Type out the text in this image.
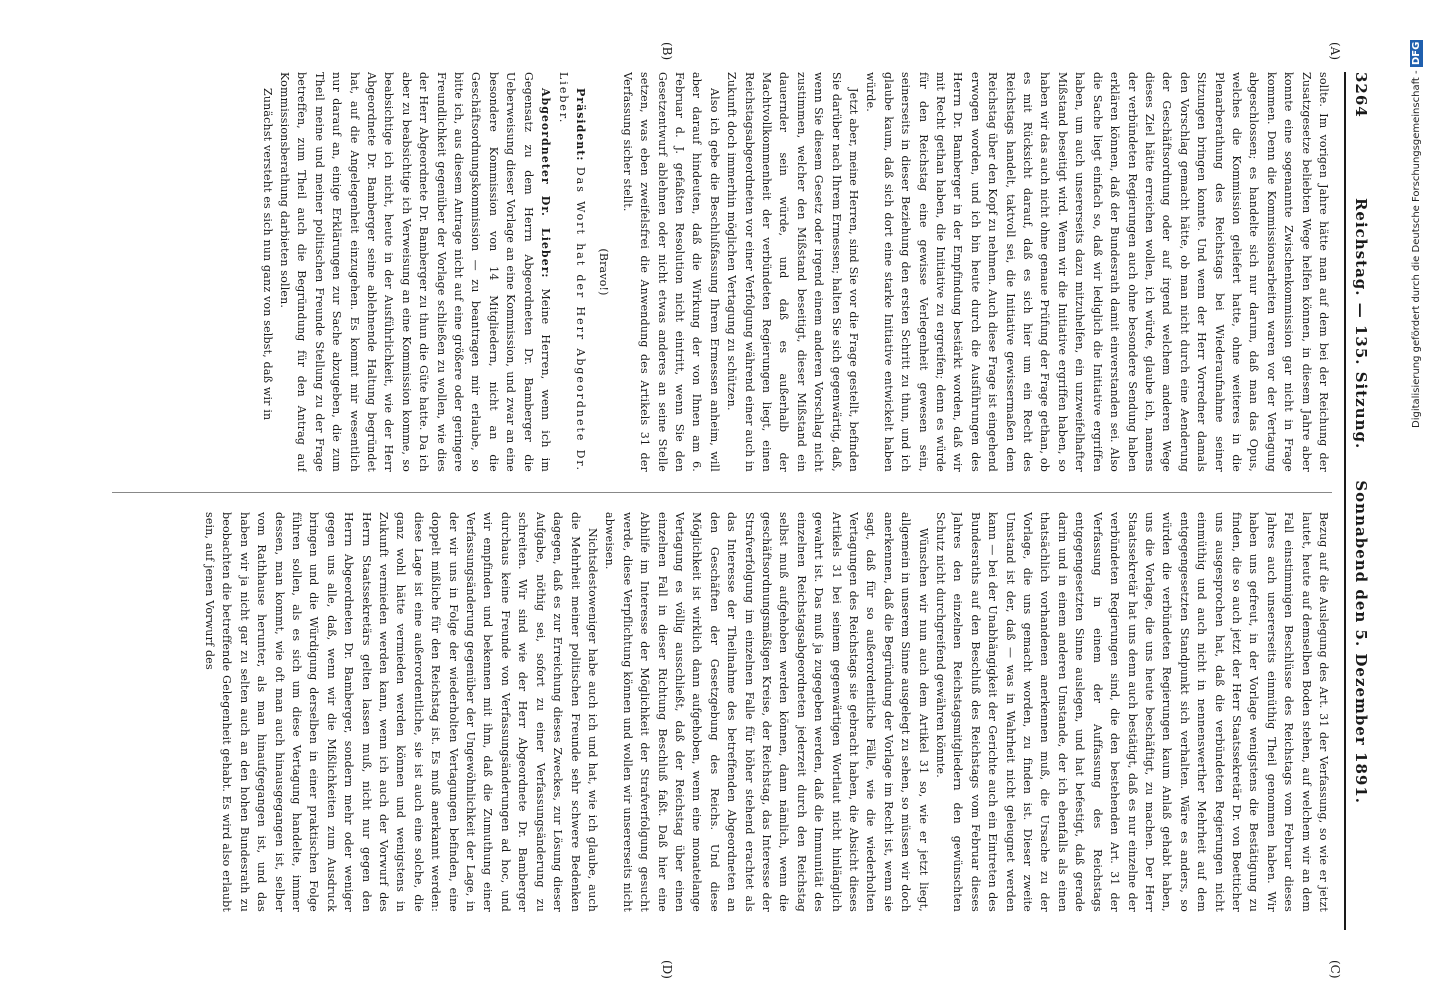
3264
Reichstag. — 135. Sitzung.     Sonnabend den 5. Dezember 1891.
(A)
(B)
(C)
(D)

sollte. Im vorigen Jahre hätte man auf dem bei der Reichung der Zusatzgesetze beliebten Wege helfen können, in diesem Jahre aber konnte eine sogenannte Zwischenkommission gar nicht in Frage kommen. Denn die Kommissionsarbeiten waren vor der Vertagung abgeschlossen; es handelte sich nur darum, daß man das Opus, welches die Kommission geliefert hatte, ohne weiteres in die Plenarberathung des Reichstags bei Wiederaufnahme seiner Sitzungen bringen konnte. Und wenn der Herr Vorredner damals den Vorschlag gemacht hätte, ob man nicht durch eine Aenderung der Geschäftsordnung oder auf irgend welchem anderen Wege dieses Ziel hätte erreichen wollen, ich würde, glaube ich, namens der verbündeten Regierungen auch ohne besondere Sendung haben erklären können, daß der Bundesrath damit einverstanden sei. Also die Sache liegt einfach so, daß wir lediglich die Initiative ergriffen haben, um auch unsererseits dazu mitzuhelfen, ein unzweifelhafter Mißstand beseitigt wird. Wenn wir die Initiative ergriffen haben, so haben wir das auch nicht ohne genaue Prüfung der Frage gethan, ob es mit Rücksicht darauf, daß es sich hier um ein Recht des Reichstags handelt, taktvoll sei, die Initiative gewissermaßen dem Reichstag über den Kopf zu nehmen. Auch diese Frage ist eingehend erwogen worden, und ich bin heute durch die Ausführungen des Herrn Dr. Bamberger in der Empfindung bestärkt worden, daß wir mit Recht gethan haben, die Initiative zu ergreifen; denn es würde für den Reichstag eine gewisse Verlegenheit gewesen sein, seinerseits in dieser Beziehung den ersten Schritt zu thun, und ich glaube kaum, daß sich dort eine starke Initiative entwickelt haben würde.

Jetzt aber, meine Herren, sind Sie vor die Frage gestellt, befinden Sie darüber nach Ihrem Ermessen; halten Sie sich gegenwärtig, daß, wenn Sie diesem Gesetz oder irgend einem anderen Vorschlag nicht zustimmen, welcher den Mißstand beseitigt, dieser Mißstand ein dauernder sein würde, und daß es außerhalb der Machtvollkommenheit der verbündeten Regierungen liegt, einen Reichstagsabgeordneten vor einer Verfolgung während einer auch in Zukunft doch immerhin möglichen Vertagung zu schützen.

Also ich gebe die Beschlußfassung Ihrem Ermessen anheim, will aber darauf hindeuten, daß die Wirkung der von Ihnen am 6. Februar d. J. gefaßten Resolution nicht eintritt, wenn Sie den Gesetzentwurf ablehnen oder nicht etwas anderes an seine Stelle setzen, was eben zweifelsfrei die Anwendung des Artikels 31 der Verfassung sicher stellt.

(Bravo!)

Präsident: Das Wort hat der Herr Abgeordnete Dr. Lieber.

Abgeordneter Dr. Lieber: Meine Herren, wenn ich im Gegensatz zu dem Herrn Abgeordneten Dr. Bamberger die Ueberweisung dieser Vorlage an eine Kommission, und zwar an eine besondere Kommission von 14 Mitgliedern, nicht an die Geschäftsordnungskommission — zu beantragen mir erlaube, so bitte ich, aus diesem Antrage nicht auf eine größere oder geringere Freundlichkeit gegenüber der Vorlage schließen zu wollen, wie dies der Herr Abgeordnete Dr. Bamberger zu thun die Güte hatte. Da ich aber zu beabsichtige ich Verweisung an eine Kommission komme, so beabsichtige ich nicht, heute in der Ausführlichkeit, wie der Herr Abgeordnete Dr. Bamberger seine ablehnende Haltung begründet hat, auf die Angelegenheit einzugehen. Es kommt mir wesentlich nur darauf an, einige Erklärungen zur Sache abzugeben, die zum Theil meine und meiner politischen Freunde Stellung zu der Frage betreffen, zum Theil auch die Begründung für den Antrag auf Kommissionsberathung darbieten sollen.

Zunächst versteht es sich nun ganz von selbst, daß wir in

Bezug auf die Auslegung des Art. 31 der Verfassung, so wie er jetzt lautet, heute auf demselben Boden stehen, auf welchem wir an dem Fall einstimmigen Beschlüsse des Reichstags vom Februar dieses Jahres auch unsererseits einmüthig Theil genommen haben. Wir haben uns gefreut, in der Vorlage wenigstens die Bestätigung zu finden, die so auch jetzt der Herr Staatssekretär Dr. von Boetticher uns ausgesprochen hat, daß die verbündeten Regierungen nicht einmüthig und auch nicht in nennenswerther Mehrheit auf dem entgegengesetzten Standpunkt sich verhalten. Wäre es anders, so würden die verbündeten Regierungen kaum Anlaß gehabt haben, uns die Vorlage, die uns heute beschäftigt, zu machen. Der Herr Staatssekretär hat uns denn auch bestätigt, daß es nur einzelne der verbündeten Regierungen sind, die den bestehenden Art. 31 der Verfassung in einem der Auffassung des Reichstags entgegengesetzten Sinne auslegen, und hat befestigt, daß gerade darin und in einem anderen Umstande, der ich ebenfalls als einen thatsächlich vorhandenen anerkennen muß, die Ursache zu der Vorlage, die uns gemacht worden, zu finden ist. Dieser zweite Umstand ist der, daß — was in Wahrheit nicht geleugnet werden kann — bei der Unabhängigkeit der Gerichte auch ein Eintreten des Bundesraths auf den Beschluß des Reichstags vom Februar dieses Jahres den einzelnen Reichstagsmitgliedern den gewünschten Schutz nicht durchgreifend gewähren könnte.

Wünschen wir nun auch dem Artikel 31 so, wie er jetzt liegt, allgemein in unserem Sinne ausgelegt zu sehen, so müssen wir doch anerkennen, daß die Begründung der Vorlage im Recht ist, wenn sie sagt, daß für so außerordentliche Fälle, wie die wiederholten Vertagungen des Reichstags sie gebracht haben, die Absicht dieses Artikels 31 bei seinem gegenwärtigen Wortlaut nicht hinlänglich gewahrt ist. Das muß ja zugegeben werden, daß die Immunität des einzelnen Reichstagsabgeordneten jederzeit durch den Reichstag selbst muß aufgehoben werden können, dann nämlich, wenn die geschäftsordnungsmäßigen Kreise, der Reichstag, das Interesse der Strafverfolgung im einzelnen Falle für höher stehend erachtet als das Interesse der Theilnahme des betreffenden Abgeordneten an den Geschäften der Gesetzgebung des Reichs. Und diese Möglichkeit ist wirklich dann aufgehoben, wenn eine monatelange Vertagung es völlig ausschließt, daß der Reichstag über einen einzelnen Fall in dieser Richtung Beschluß faßt. Daß hier eine Abhilfe im Interesse der Möglichkeit der Strafverfolgung gesucht werde, diese Verpflichtung können und wollen wir unsererseits nicht abweisen.

Nichtsdestoweniger habe auch ich und hat, wie ich glaube, auch die Mehrheit meiner politischen Freunde sehr schwere Bedenken dagegen, daß es zur Erreichung dieses Zweckes, zur Lösung dieser Aufgabe, nöthig sei, sofort zu einer Verfassungsänderung zu schreiten. Wir sind wie der Herr Abgeordnete Dr. Bamberger durchaus keine Freunde von Verfassungsänderungen ad hoc, und wir empfinden und bekennen mit ihm, daß die Zumuthung einer Verfassungsänderung gegenüber der Ungewöhnlichkeit der Lage, in der wir uns in Folge der wiederholten Vertagungen befinden, eine doppelt mißliche für den Reichstag ist. Es muß anerkannt werden: diese Lage ist eine außerordentliche, sie ist auch eine solche, die ganz wohl hätte vermieden werden können und wenigstens in Zukunft vermieden werden kann, wenn ich auch der Vorwurf des Herrn Staatssekretärs gelten lassen muß, nicht nur gegen den Herrn Abgeordneten Dr. Bamberger, sondern mehr oder weniger gegen uns alle, daß, wenn wir die Mißlichkeiten zum Ausdruck bringen und die Würdigung derselben in einer praktischen Folge führen sollen, als es sich um diese Vertagung handelte, immer dessen, man kommt, wie oft man auch hinausgegangen ist, selber vom Rathhause herunter, als man hinaufgegangen ist, und das haben wir ja nicht gar zu selten auch an den hohen Bundesrath zu beobachten die betreffende Gelegenheit gehabt. Es wird also erlaubt sein, auf jenen Vorwurf des

Digitalisierung gefördert durch die Deutsche Forschungsgemeinschaft - DFG
